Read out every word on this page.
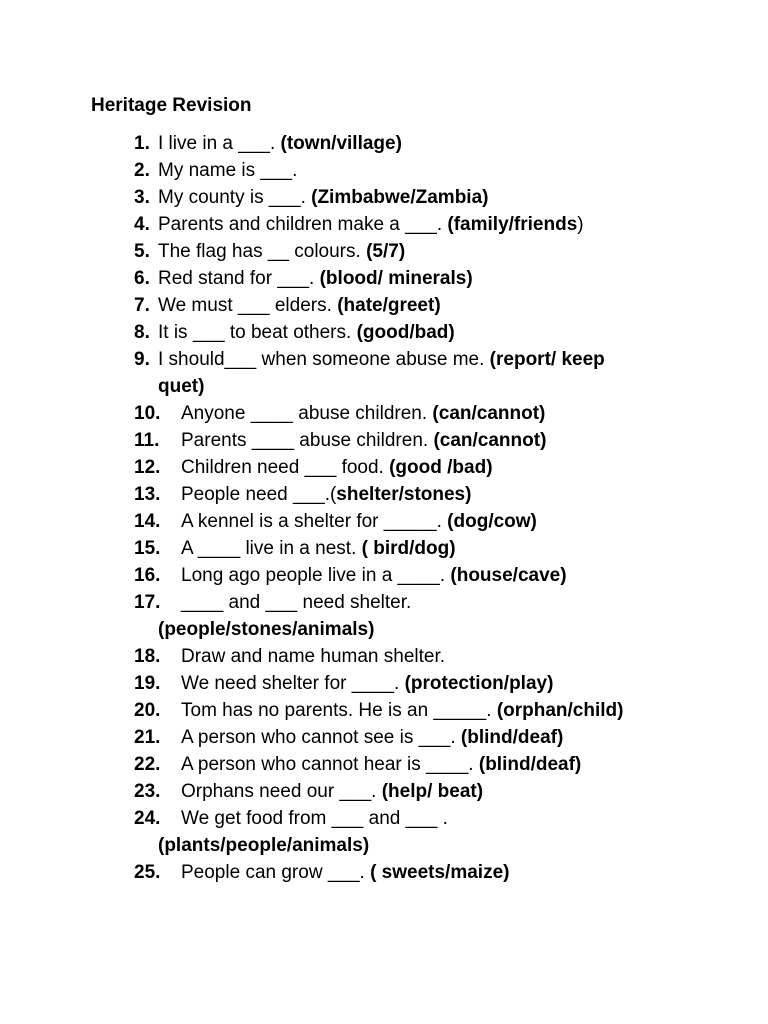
Heritage Revision
1. I live in a ___. (town/village)
2. My name is ___.
3. My county is ___. (Zimbabwe/Zambia)
4. Parents and children make a ___. (family/friends)
5. The flag has __ colours. (5/7)
6. Red stand for ___. (blood/ minerals)
7. We must ___ elders. (hate/greet)
8. It is ___ to beat others. (good/bad)
9. I should___ when someone abuse me. (report/ keep
quet)
10. Anyone ____ abuse children. (can/cannot)
11. Parents ____ abuse children. (can/cannot)
12. Children need ___ food. (good /bad)
13. People need ___.(shelter/stones)
14. A kennel is a shelter for _____. (dog/cow)
15. A ____ live in a nest. ( bird/dog)
16. Long ago people live in a ____. (house/cave)
17. ____ and ___ need shelter.
(people/stones/animals)
18. Draw and name human shelter.
19. We need shelter for ____. (protection/play)
20. Tom has no parents. He is an _____. (orphan/child)
21. A person who cannot see is ___. (blind/deaf)
22. A person who cannot hear is ____. (blind/deaf)
23. Orphans need our ___. (help/ beat)
24. We get food from ___ and ___ .
(plants/people/animals)
25. People can grow ___. ( sweets/maize)
